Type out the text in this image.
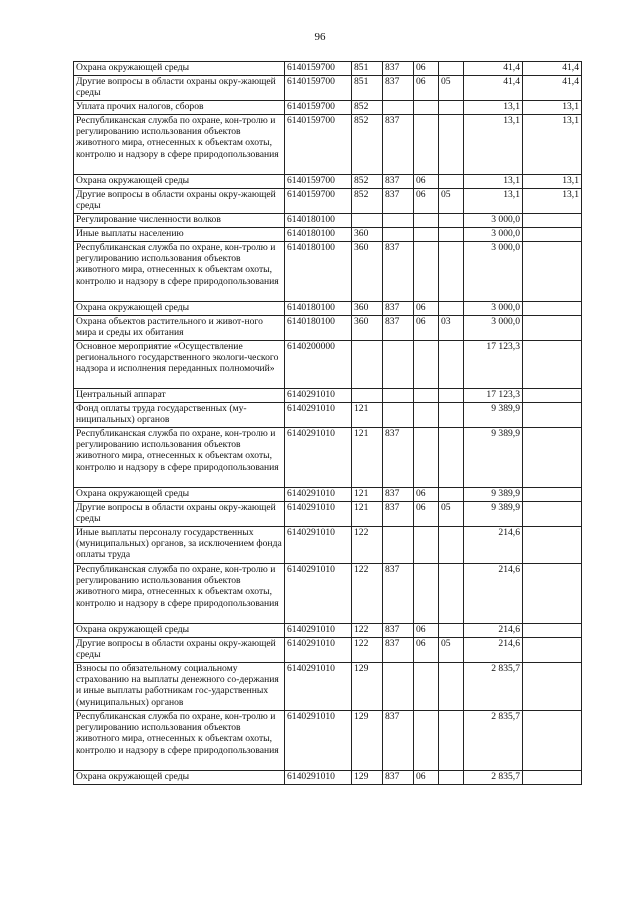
96
Охрана окружающей среды	6140159700	851	837	06		41,4	41,4
Другие вопросы в области охраны окру-жающей среды	6140159700	851	837	06	05	41,4	41,4
Уплата прочих налогов, сборов	6140159700	852				13,1	13,1
Республиканская служба по охране, кон-тролю и регулированию использования объектов животного мира, отнесенных к объектам охоты, контролю и надзору в сфере природопользования	6140159700	852	837			13,1	13,1
Охрана окружающей среды	6140159700	852	837	06		13,1	13,1
Другие вопросы в области охраны окру-жающей среды	6140159700	852	837	06	05	13,1	13,1
Регулирование численности волков	6140180100					3 000,0	
Иные выплаты населению	6140180100	360				3 000,0	
Республиканская служба по охране, кон-тролю и регулированию использования объектов животного мира, отнесенных к объектам охоты, контролю и надзору в сфере природопользования	6140180100	360	837			3 000,0	
Охрана окружающей среды	6140180100	360	837	06		3 000,0	
Охрана объектов растительного и живот-ного мира и среды их обитания	6140180100	360	837	06	03	3 000,0	
Основное мероприятие «Осуществление регионального государственного экологи-ческого надзора и исполнения переданных полномочий»	6140200000					17 123,3	
Центральный аппарат	6140291010					17 123,3	
Фонд оплаты труда государственных (му-ниципальных) органов	6140291010	121				9 389,9	
Республиканская служба по охране, кон-тролю и регулированию использования объектов животного мира, отнесенных к объектам охоты, контролю и надзору в сфере природопользования	6140291010	121	837			9 389,9	
Охрана окружающей среды	6140291010	121	837	06		9 389,9	
Другие вопросы в области охраны окру-жающей среды	6140291010	121	837	06	05	9 389,9	
Иные выплаты персоналу государственных (муниципальных) органов, за исключением фонда оплаты труда	6140291010	122				214,6	
Республиканская служба по охране, кон-тролю и регулированию использования объектов животного мира, отнесенных к объектам охоты, контролю и надзору в сфере природопользования	6140291010	122	837			214,6	
Охрана окружающей среды	6140291010	122	837	06		214,6	
Другие вопросы в области охраны окру-жающей среды	6140291010	122	837	06	05	214,6	
Взносы по обязательному социальному страхованию на выплаты денежного со-держания и иные выплаты работникам гос-ударственных (муниципальных) органов	6140291010	129				2 835,7	
Республиканская служба по охране, кон-тролю и регулированию использования объектов животного мира, отнесенных к объектам охоты, контролю и надзору в сфере природопользования	6140291010	129	837			2 835,7	
Охрана окружающей среды	6140291010	129	837	06		2 835,7	
